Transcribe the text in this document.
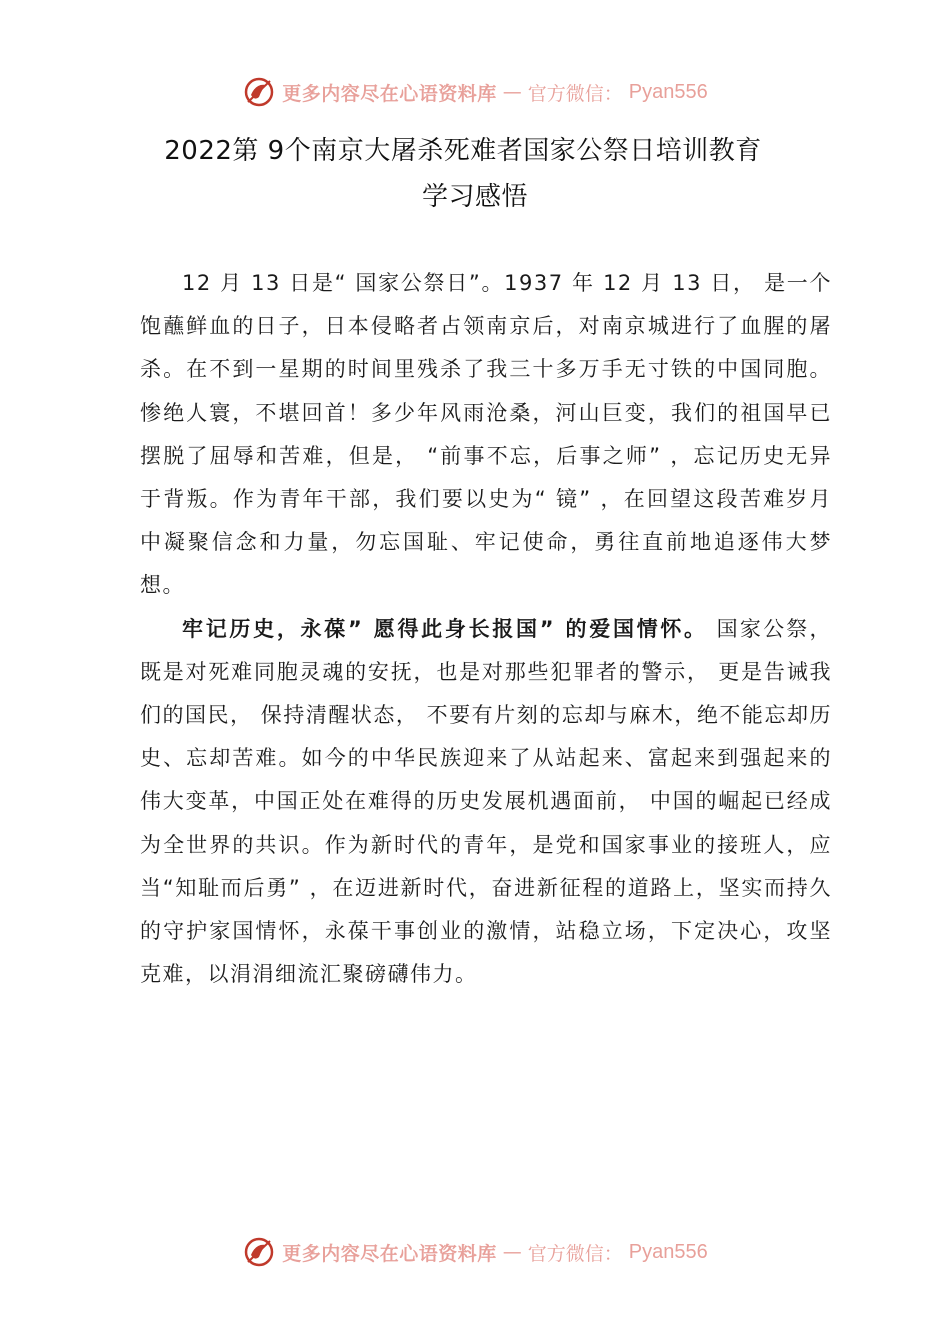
更多内容尽在心语资料库 — 官方微信： Pyan556
2022第 9个南京大屠杀死难者国家公祭日培训教育
学习感悟

12 月 13 日是“ 国家公祭日”。1937 年 12 月 13 日， 是一个饱蘸鲜血的日子，日本侵略者占领南京后，对南京城进行了血腥的屠杀。在不到一星期的时间里残杀了我三十多万手无寸铁的中国同胞。惨绝人寰，不堪回首！多少年风雨沧桑，河山巨变，我们的祖国早已摆脱了屈辱和苦难，但是， “前事不忘，后事之师” ，忘记历史无异于背叛。作为青年干部，我们要以史为“ 镜” ，在回望这段苦难岁月中凝聚信念和力量，勿忘国耻、牢记使命，勇往直前地追逐伟大梦想。

牢记历史，永葆” 愿得此身长报国” 的爱国情怀。 国家公祭，既是对死难同胞灵魂的安抚，也是对那些犯罪者的警示， 更是告诫我们的国民， 保持清醒状态， 不要有片刻的忘却与麻木，绝不能忘却历史、忘却苦难。如今的中华民族迎来了从站起来、富起来到强起来的伟大变革，中国正处在难得的历史发展机遇面前， 中国的崛起已经成为全世界的共识。作为新时代的青年，是党和国家事业的接班人，应当“知耻而后勇” ，在迈进新时代，奋进新征程的道路上，坚实而持久的守护家国情怀，永葆干事创业的激情，站稳立场，下定决心，攻坚克难，以涓涓细流汇聚磅礴伟力。

更多内容尽在心语资料库 — 官方微信： Pyan556
